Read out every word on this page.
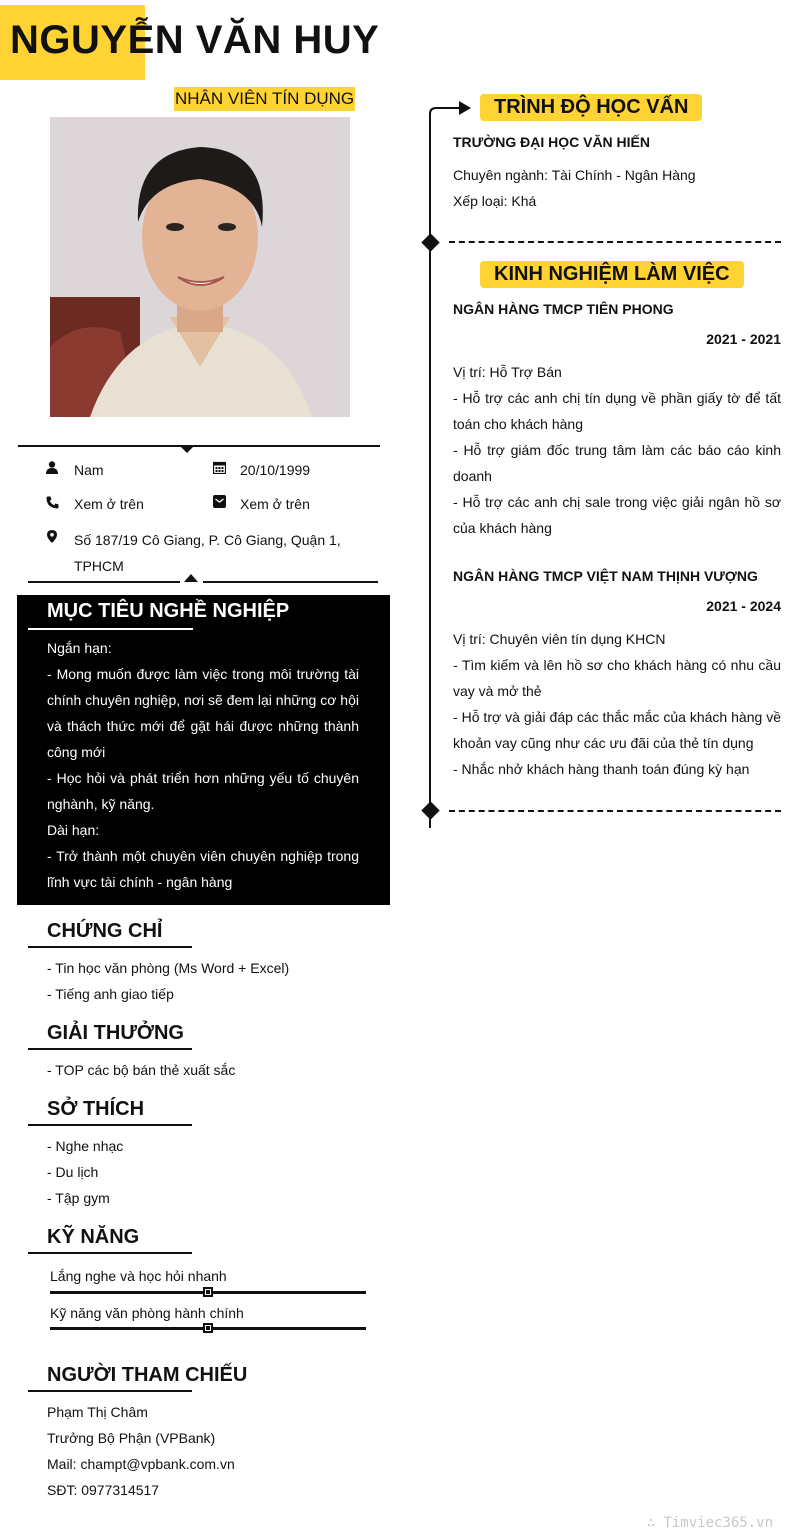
NGUYỄN VĂN HUY
NHÂN VIÊN TÍN DỤNG
Nam	20/10/1999
Xem ở trên	Xem ở trên
Số 187/19 Cô Giang, P. Cô Giang, Quận 1, TPHCM
MỤC TIÊU NGHỀ NGHIỆP
Ngắn hạn:
- Mong muốn được làm việc trong môi trường tài chính chuyên nghiệp, nơi sẽ đem lại những cơ hội và thách thức mới để gặt hái được những thành công mới
- Học hỏi và phát triển hơn những yếu tố chuyên nghành, kỹ năng.
Dài hạn:
- Trở thành một chuyên viên chuyên nghiệp trong lĩnh vực tài chính - ngân hàng
CHỨNG CHỈ
- Tin học văn phòng (Ms Word + Excel)
- Tiếng anh giao tiếp
GIẢI THƯỞNG
- TOP các bộ bán thẻ xuất sắc
SỞ THÍCH
- Nghe nhạc
- Du lịch
- Tập gym
KỸ NĂNG
Lắng nghe và học hỏi nhanh
Kỹ năng văn phòng hành chính
NGƯỜI THAM CHIẾU
Phạm Thị Châm
Trưởng Bộ Phận (VPBank)
Mail: champt@vpbank.com.vn
SĐT: 0977314517
TRÌNH ĐỘ HỌC VẤN
TRƯỜNG ĐẠI HỌC VĂN HIẾN
Chuyên ngành: Tài Chính - Ngân Hàng
Xếp loại: Khá
KINH NGHIỆM LÀM VIỆC
NGÂN HÀNG TMCP TIÊN PHONG
2021 - 2021
Vị trí: Hỗ Trợ Bán
- Hỗ trợ các anh chị tín dụng về phần giấy tờ để tất toán cho khách hàng
- Hỗ trợ giám đốc trung tâm làm các báo cáo kinh doanh
- Hỗ trợ các anh chị sale trong việc giải ngân hồ sơ của khách hàng
NGÂN HÀNG TMCP VIỆT NAM THỊNH VƯỢNG
2021 - 2024
Vị trí: Chuyên viên tín dụng KHCN
- Tìm kiếm và lên hồ sơ cho khách hàng có nhu cầu vay và mở thẻ
- Hỗ trợ và giải đáp các thắc mắc của khách hàng về khoản vay cũng như các ưu đãi của thẻ tín dụng
- Nhắc nhở khách hàng thanh toán đúng kỳ hạn
∴ Timviec365.vn
